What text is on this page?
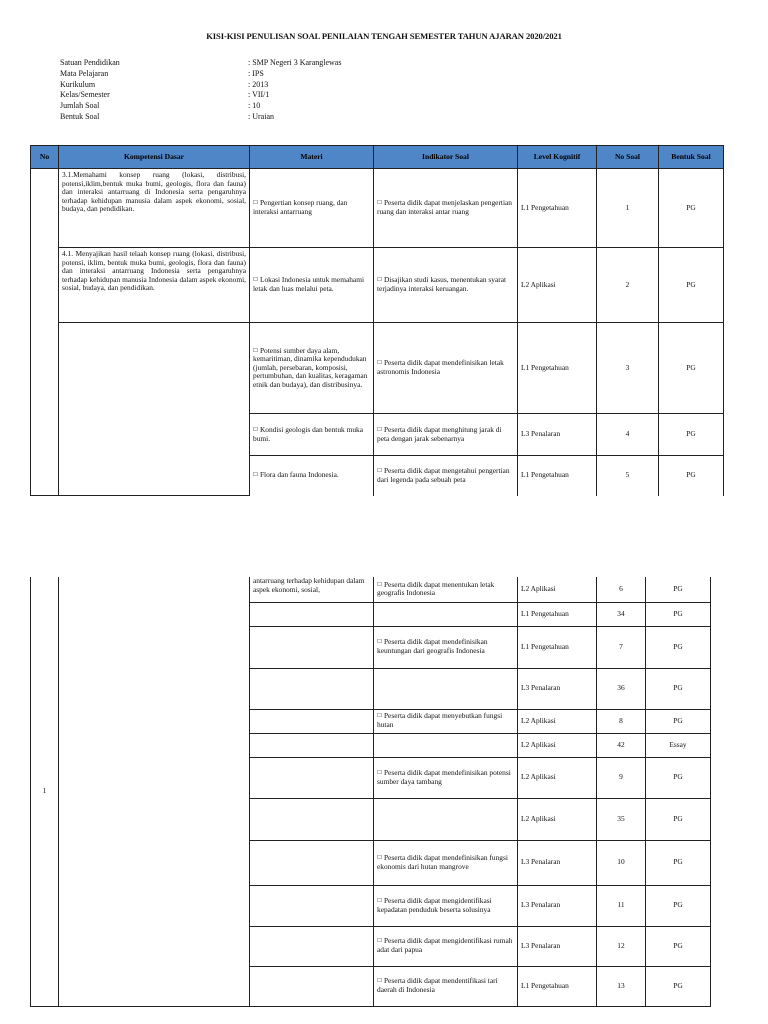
KISI-KISI PENULISAN SOAL PENILAIAN TENGAH SEMESTER TAHUN AJARAN 2020/2021
Satuan Pendidikan	: SMP Negeri 3 Karanglewas
Mata Pelajaran	: IPS
Kurikulum	: 2013
Kelas/Semester	: VII/1
Jumlah Soal	: 10
Bentuk Soal	: Uraian
No	Kompetensi Dasar	Materi	Indikator Soal	Level Kognitif	No Soal	Bentuk Soal
	3.1.Memahami konsep ruang (lokasi, distribusi, potensi,iklim,bentuk muka bumi, geologis, flora dan fauna) dan interaksi antarruang di Indonesia serta pengaruhnya terhadap kehidupan manusia dalam aspek ekonomi, sosial, budaya, dan pendidikan.	☐ Pengertian konsep ruang, dan interaksi antarruang	☐ Peserta didik dapat menjelaskan pengertian ruang dan interaksi antar ruang	L1 Pengetahuan	1	PG
	4.1. Menyajikan hasil telaah konsep ruang (lokasi, distribusi, potensi, iklim, bentuk muka bumi, geologis, flora dan fauna) dan interaksi antarruang Indonesia serta pengaruhnya terhadap kehidupan manusia Indonesia dalam aspek ekonomi, sosial, budaya, dan pendidikan.	☐ Lokasi Indonesia untuk memahami letak dan luas melalui peta.	☐ Disajikan studi kasus, menentukan syarat terjadinya interaksi keruangan.	L2 Aplikasi	2	PG
		☐ Potensi sumber daya alam, kemaritiman, dinamika kependudukan (jumlah, persebaran, komposisi, pertumbuhan, dan kualitas, keragaman etnik dan budaya), dan distribusinya.	☐ Peserta didik dapat mendefinisikan letak astronomis Indonesia	L1 Pengetahuan	3	PG
		☐ Kondisi geologis dan bentuk muka bumi.	☐ Peserta didik dapat menghitung jarak di peta dengan jarak sebenarnya	L3 Penalaran	4	PG
		☐ Flora dan fauna Indonesia.	☐ Peserta didik dapat mengetahui pengertian dari legenda pada sebuah peta	L1 Pengetahuan	5	PG
1		antarruang terhadap kehidupan dalam aspek ekonomi, sosial,	☐ Peserta didik dapat menentukan letak geografis Indonesia	L2 Aplikasi	6	PG
				L1 Pengetahuan	34	PG
			☐ Peserta didik dapat mendefinisikan keuntungan dari geografis Indonesia	L1 Pengetahuan	7	PG
				L3 Penalaran	36	PG
			☐ Peserta didik dapat menyebutkan fungsi hutan	L2 Aplikasi	8	PG
				L2 Aplikasi	42	Essay
			☐ Peserta didik dapat mendefinisikan potensi sumber daya tambang	L2 Aplikasi	9	PG
				L2 Aplikasi	35	PG
			☐ Peserta didik dapat mendefinisikan fungsi ekonomis dari hutan mangrove	L3 Penalaran	10	PG
			☐ Peserta didik dapat mengidentifikasi kepadatan penduduk beserta solusinya	L3 Penalaran	11	PG
			☐ Peserta didik dapat mengidentifikasi rumah adat dari papua	L3 Penalaran	12	PG
			☐ Peserta didik dapat mendentifikasi tari daerah di Indonesia	L1 Pengetahuan	13	PG
